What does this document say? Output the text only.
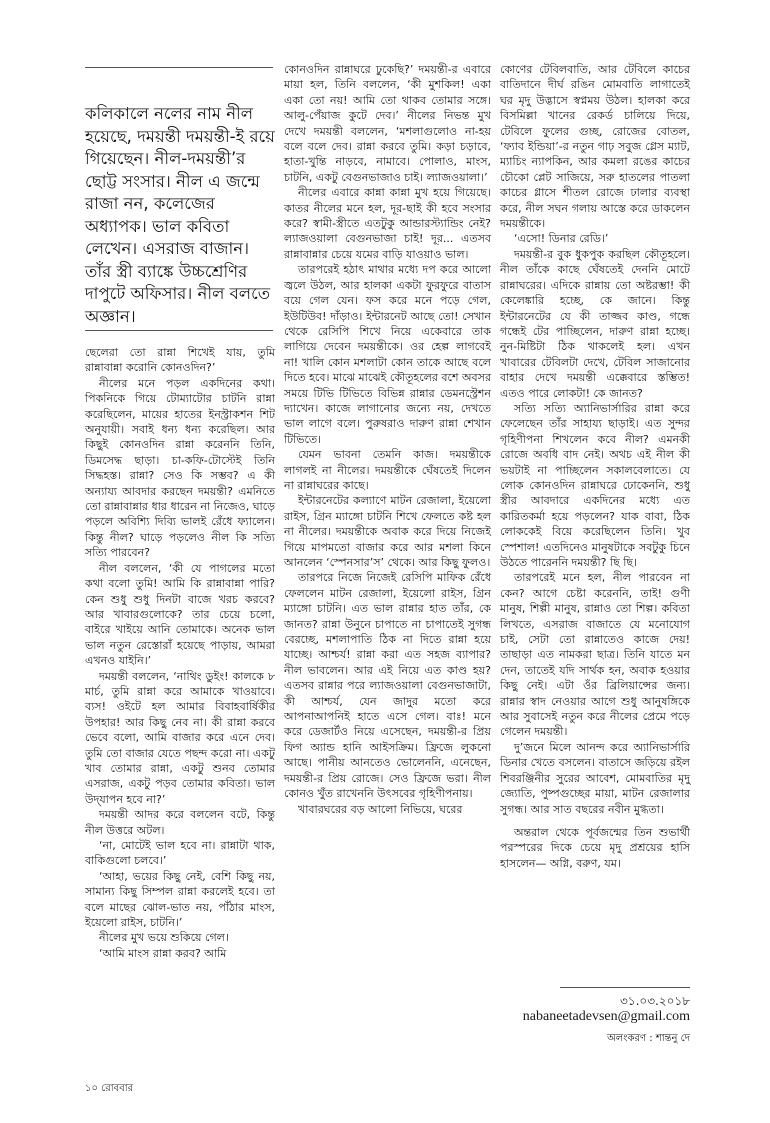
কলিকালে নলের নাম নীল হয়েছে, দময়ন্তী দময়ন্তী-ই রয়ে গিয়েছেন। নীল-দময়ন্তী’র ছোট্ট সংসার। নীল এ জন্মে রাজা নন, কলেজের অধ্যাপক। ভাল কবিতা লেখেন। এসরাজ বাজান। তাঁর স্ত্রী ব্যাঙ্কে উচ্চশ্রেণির দাপুটে অফিসার। নীল বলতে অজ্ঞান।

ছেলেরা তো রান্না শিখেই যায়, তুমি রান্নাবান্না করোনি কোনওদিন?’

নীলের মনে পড়ল একদিনের কথা। পিকনিকে গিয়ে টোম্যাটোর চাটনি রান্না করেছিলেন, মায়ের হাতের ইনস্ট্রাকশন শিট অনুযায়ী। সবাই ধন্য ধন্য করেছিল। আর কিছুই কোনওদিন রান্না করেননি তিনি, ডিমসেদ্ধ ছাড়া। চা-কফি-টোস্টেই তিনি সিদ্ধহস্ত। রান্না? সেও কি সম্ভব? এ কী অন্যায্য আবদার করছেন দময়ন্তী? এমনিতে তো রান্নাবান্নার ধার ধারেন না নিজেও, ঘাড়ে পড়লে অবিশ্যি দিব্যি ভালই রেঁধে ফ্যালেন। কিন্তু নীল? ঘাড়ে পড়লেও নীল কি সত্যি সত্যি পারবেন?

নীল বললেন, ‘কী যে পাগলের মতো কথা বলো তুমি! আমি কি রান্নাবান্না পারি? কেন শুধু শুধু দিনটা বাজে খরচ করবে? আর খাবারগুলোকে? তার চেয়ে চলো, বাইরে খাইয়ে আনি তোমাকে। অনেক ভাল ভাল নতুন রেস্তোরাঁ হয়েছে পাড়ায়, আমরা এখনও যাইনি।’

দময়ন্তী বললেন, ‘নাথিং ডুইং! কালকে ৮ মার্চ, তুমি রান্না করে আমাকে খাওয়াবে। ব্যস! ওইটে হল আমার বিবাহবার্ষিকীর উপহার! আর কিছু নেব না। কী রান্না করবে ভেবে বলো, আমি বাজার করে এনে দেব। তুমি তো বাজার যেতে পছন্দ করো না। একটু খাব তোমার রান্না, একটু শুনব তোমার এসরাজ, একটু পড়ব তোমার কবিতা। ভাল উদ্‌যাপন হবে না?’

দময়ন্তী আদর করে বললেন বটে, কিন্তু নীল উত্তরে অটল।

‘না, মোটেই ভাল হবে না। রান্নাটা থাক, বাকিগুলো চলবে।’

‘আহা, ভয়ের কিছু নেই, বেশি কিছু নয়, সামান্য কিছু সিম্পল রান্না করলেই হবে। তা বলে মাছের ঝোল-ভাত নয়, পাঁঠার মাংস, ইয়েলো রাইস, চাটনি।’

নীলের মুখ ভয়ে শুকিয়ে গেল।

‘আমি মাংস রান্না করব? আমি

কোনওদিন রান্নাঘরে ঢুকেছি?’ দময়ন্তী-র এবারে মায়া হল, তিনি বললেন, ‘কী মুশকিল! একা একা তো নয়! আমি তো থাকব তোমার সঙ্গে। আলু-পেঁয়াজ কুটে দেব।’ নীলের নিভন্ত মুখ দেখে দময়ন্তী বললেন, ‘মশলাগুলোও না-হয় বলে বলে দেব। রান্না করবে তুমি। কড়া চড়াবে, হাতা-খুন্তি নাড়বে, নামাবে। পোলাও, মাংস, চাটনি, একটু বেগুনভাজাও চাই। ল্যাজওয়ালা।’

নীলের এবারে কান্না কান্না মুখ হয়ে গিয়েছে। কাতর নীলের মনে হল, দূর-ছাই কী হবে সংসার করে? স্বামী-স্ত্রীতে এতটুকু আন্ডারস্ট্যান্ডিং নেই? ল্যাজওয়ালা বেগুনভাজা চাই! দূর... এতসব রান্নাবান্নার চেয়ে যমের বাড়ি যাওয়াও ভাল।

তারপরেই হঠাৎ মাথার মধ্যে দপ করে আলো জ্বলে উঠল, আর হালকা একটা ফুরফুরে বাতাস বয়ে গেল যেন। ফস করে মনে পড়ে গেল, ইউটিউব! দাঁড়াও। ইন্টারনেট আছে তো! সেখান থেকে রেসিপি শিখে নিয়ে একেবারে তাক লাগিয়ে দেবেন দময়ন্তীকে। ওর হেল্প লাগবেই না! খালি কোন মশলাটা কোন তাকে আছে বলে দিতে হবে। মাঝে মাঝেই কৌতূহলের বশে অবসর সময়ে টিভি টিভিতে বিভিন্ন রান্নার ডেমনস্ট্রেশন দ্যাখেন। কাজে লাগানোর জন্যে নয়, দেখতে ভাল লাগে বলে। পুরুষরাও দারুণ রান্না শেখান টিভিতে।

যেমন ভাবনা তেমনি কাজ। দময়ন্তীকে লাগলই না নীলের। দময়ন্তীকে ঘেঁষতেই দিলেন না রান্নাঘরের কাছে।

ইন্টারনেটের কল্যাণে মাটন রেজালা, ইয়েলো রাইস, গ্রিন ম্যাঙ্গো চাটনি শিখে ফেলতে কষ্ট হল না নীলের। দময়ন্তীকে অবাক করে দিয়ে নিজেই গিয়ে মাপমতো বাজার করে আর মশলা কিনে আনলেন ‘স্পেনসার’স’ থেকে। আর কিছু ফুলও।

তারপরে নিজে নিজেই রেসিপি মাফিক রেঁধে ফেললেন মাটন রেজালা, ইয়েলো রাইস, গ্রিন ম্যাঙ্গো চাটনি। এত ভাল রান্নার হাত তাঁর, কে জানত? রান্না উনুনে চাপাতে না চাপাতেই সুগন্ধ বেরচ্ছে, মশলাপাতি ঠিক না দিতে রান্না হয়ে যাচ্ছে। আশ্চর্য! রান্না করা এত সহজ ব্যাপার? নীল ভাবলেন। আর এই নিয়ে এত কাণ্ড হয়? এতসব রান্নার পরে ল্যাজওয়ালা বেগুনভাজাটা, কী আশ্চর্য, যেন জাদুর মতো করে আপনাআপনিই হাতে এসে গেল। বাঃ! মনে করে ডেজার্টও নিয়ে এসেছেন, দময়ন্তী-র প্রিয় ফিগ অ্যান্ড হানি আইসক্রিম। ফ্রিজে লুকনো আছে। পানীয় আনতেও ভোলেননি, এনেছেন, দময়ন্তী-র প্রিয় রোজে। সেও ফ্রিজে ভরা। নীল কোনও খুঁত রাখেননি উৎসবের গৃহিণীপনায়।

খাবারঘরের বড় আলো নিভিয়ে, ঘরের

কোণের টেবিলবাতি, আর টেবিলে কাচের বাতিদানে দীর্ঘ রঙিন মোমবাতি লাগাতেই ঘর মৃদু উদ্ভাসে স্বপ্নময় উঠল। হালকা করে বিসমিল্লা খানের রেকর্ড চালিয়ে দিয়ে, টেবিলে ফুলের গুচ্ছ, রোজের বোতল, ‘ফ্যাব ইন্ডিয়া’-র নতুন গাঢ় সবুজ গ্লেস ম্যাট, ম্যাচিং ন্যাপকিন, আর কমলা রঙের কাচের চৌকো প্লেট সাজিয়ে, সরু হাতলের পাতলা কাচের গ্লাসে শীতল রোজে ঢালার ব্যবস্থা করে, নীল সঘন গলায় আস্তে করে ডাকলেন দময়ন্তীকে।

‘এসো! ডিনার রেডি।’

দময়ন্তী-র বুক ধুকপুক করছিল কৌতূহলে। নীল তাঁকে কাছে ঘেঁষতেই দেননি মোটে রান্নাঘরের। এদিকে রান্নায় তো অষ্টরম্ভা! কী কেলেঙ্কারি হচ্ছে, কে জানে। কিন্তু ইন্টারনেটের যে কী তাজ্জব কাণ্ড, গন্ধে গন্ধেই টের পাচ্ছিলেন, দারুণ রান্না হচ্ছে। নুন-মিষ্টিটা ঠিক থাকলেই হল। এখন খাবারের টেবিলটা দেখে, টেবিল সাজানোর বাহার দেখে দময়ন্তী এক্কেবারে স্তম্ভিত! এতও পারে লোকটা! কে জানত?

সত্যি সত্যি অ্যানিভার্সারির রান্না করে ফেলেছেন তাঁর সাহায্য ছাড়াই। এত সুন্দর গৃহিণীপনা শিখলেন কবে নীল? এমনকী রোজে অবধি বাদ নেই। অথচ এই নীল কী ভয়টাই না পাচ্ছিলেন সকালবেলাতে। যে লোক কোনওদিন রান্নাঘরে ঢোকেননি, শুধু স্ত্রীর আবদারে একদিনের মধ্যে এত কারিতকর্মা হয়ে পড়লেন? যাক বাবা, ঠিক লোককেই বিয়ে করেছিলেন তিনি। খুব স্পেশাল! এতদিনেও মানুষটাকে সবটুকু চিনে উঠতে পারেননি দময়ন্তী? ছি ছি।

তারপরেই মনে হল, নীল পারবেন না কেন? আগে চেষ্টা করেননি, তাই! গুণী মানুষ, শিল্পী মানুষ, রান্নাও তো শিল্প। কবিতা লিখতে, এসরাজ বাজাতে যে মনোযোগ চাই, সেটা তো রান্নাতেও কাজে দেয়! তাছাড়া এত নামকরা ছাত্র। তিনি যাতে মন দেন, তাতেই যদি সার্থক হন, অবাক হওয়ার কিছু নেই। এটা ওঁর ব্রিলিয়ান্সের জন্য। রান্নার স্বাদ নেওয়ার আগে শুধু আনুষঙ্গিকে আর সুবাসেই নতুন করে নীলের প্রেমে পড়ে গেলেন দময়ন্তী।

দু’জনে মিলে আনন্দ করে অ্যানিভার্সারি ডিনার খেতে বসলেন। বাতাসে জড়িয়ে রইল শিবরঞ্জিনীর সুরের আবেশ, মোমবাতির মৃদু জ্যোতি, পুষ্পগুচ্ছের মায়া, মাটন রেজালার সুগন্ধ। আর সাত বছরের নবীন মুগ্ধতা।

অন্তরাল থেকে পূর্বজন্মের তিন শুভার্থী পরস্পরের দিকে চেয়ে মৃদু প্রশ্রয়ের হাসি হাসলেন— অগ্নি, বরুণ, যম।

৩১.০৩.২০১৮
nabaneetadevsen@gmail.com
অলংকরণ : শান্তনু দে
১০ রোববার
